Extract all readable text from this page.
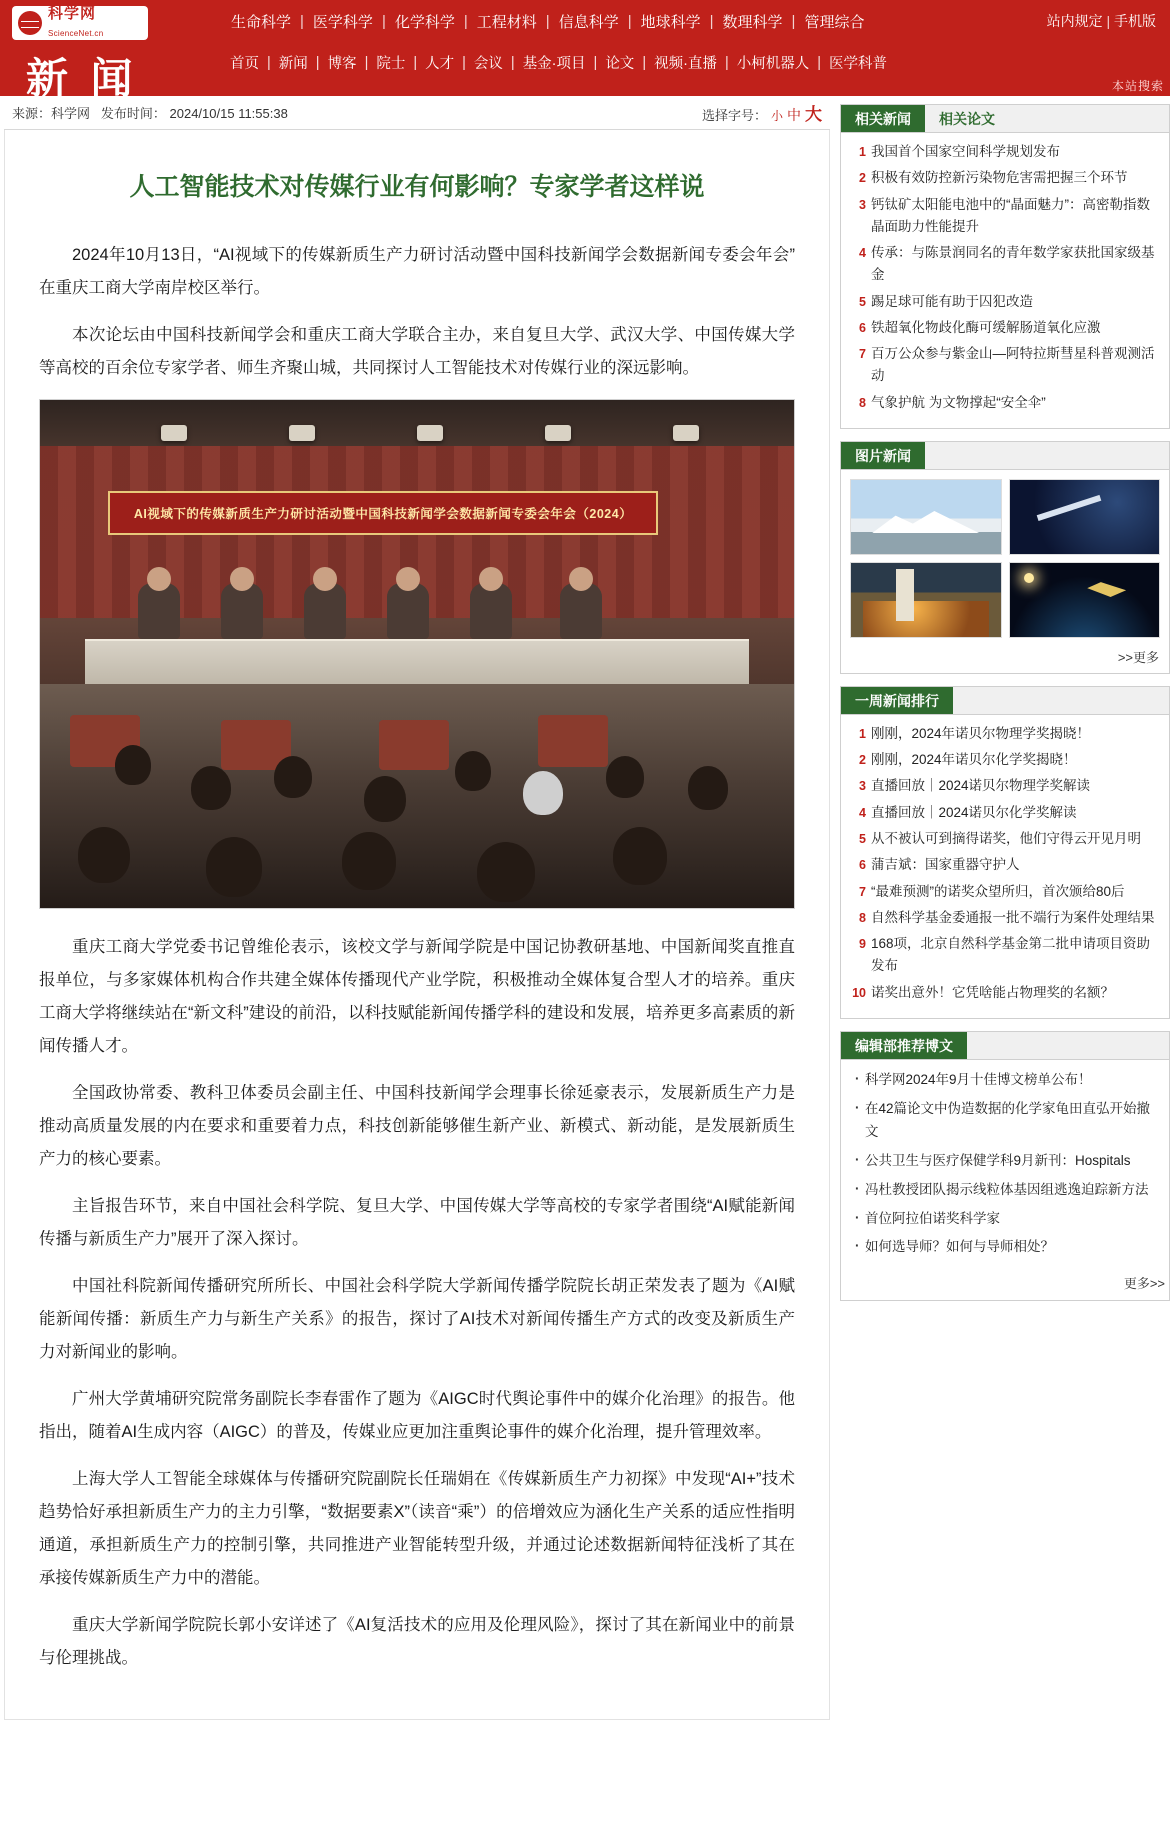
科学网
ScienceNet.cn
新 闻
生命科学 | 医学科学 | 化学科学 | 工程材料 | 信息科学 | 地球科学 | 数理科学 | 管理综合	站内规定 | 手机版
首页 | 新闻 | 博客 | 院士 | 人才 | 会议 | 基金·项目 | 论文 | 视频·直播 | 小柯机器人 | 医学科普
本站搜索
来源：科学网 发布时间： 2024/10/15 11:55:38	选择字号： 小 中 大
人工智能技术对传媒行业有何影响？专家学者这样说

2024年10月13日，“AI视域下的传媒新质生产力研讨活动暨中国科技新闻学会数据新闻专委会年会”在重庆工商大学南岸校区举行。

本次论坛由中国科技新闻学会和重庆工商大学联合主办，来自复旦大学、武汉大学、中国传媒大学等高校的百余位专家学者、师生齐聚山城，共同探讨人工智能技术对传媒行业的深远影响。

AI视域下的传媒新质生产力研讨活动暨中国科技新闻学会数据新闻专委会年会（2024）

重庆工商大学党委书记曾维伦表示，该校文学与新闻学院是中国记协教研基地、中国新闻奖直推直报单位，与多家媒体机构合作共建全媒体传播现代产业学院，积极推动全媒体复合型人才的培养。重庆工商大学将继续站在“新文科”建设的前沿，以科技赋能新闻传播学科的建设和发展，培养更多高素质的新闻传播人才。

全国政协常委、教科卫体委员会副主任、中国科技新闻学会理事长徐延豪表示，发展新质生产力是推动高质量发展的内在要求和重要着力点，科技创新能够催生新产业、新模式、新动能，是发展新质生产力的核心要素。

主旨报告环节，来自中国社会科学院、复旦大学、中国传媒大学等高校的专家学者围绕“AI赋能新闻传播与新质生产力”展开了深入探讨。

中国社科院新闻传播研究所所长、中国社会科学院大学新闻传播学院院长胡正荣发表了题为《AI赋能新闻传播：新质生产力与新生产关系》的报告，探讨了AI技术对新闻传播生产方式的改变及新质生产力对新闻业的影响。

广州大学黄埔研究院常务副院长李春雷作了题为《AIGC时代舆论事件中的媒介化治理》的报告。他指出，随着AI生成内容（AIGC）的普及，传媒业应更加注重舆论事件的媒介化治理，提升管理效率。

上海大学人工智能全球媒体与传播研究院副院长任瑞娟在《传媒新质生产力初探》中发现“AI+”技术趋势恰好承担新质生产力的主力引擎，“数据要素X”（读音“乘”）的倍增效应为涵化生产关系的适应性指明通道，承担新质生产力的控制引擎，共同推进产业智能转型升级，并通过论述数据新闻特征浅析了其在承接传媒新质生产力中的潜能。

重庆大学新闻学院院长郭小安详述了《AI复活技术的应用及伦理风险》，探讨了其在新闻业中的前景与伦理挑战。

相关新闻	相关论文
1 我国首个国家空间科学规划发布
2 积极有效防控新污染物危害需把握三个环节
3 钙钛矿太阳能电池中的“晶面魅力”：高密勒指数晶面助力性能提升
4 传承：与陈景润同名的青年数学家获批国家级基金
5 踢足球可能有助于囚犯改造
6 铁超氧化物歧化酶可缓解肠道氧化应激
7 百万公众参与紫金山—阿特拉斯彗星科普观测活动
8 气象护航 为文物撑起“安全伞”
图片新闻
>>更多
一周新闻排行
1 刚刚，2024年诺贝尔物理学奖揭晓！
2 刚刚，2024年诺贝尔化学奖揭晓！
3 直播回放｜2024诺贝尔物理学奖解读
4 直播回放｜2024诺贝尔化学奖解读
5 从不被认可到摘得诺奖，他们守得云开见月明
6 蒲吉斌：国家重器守护人
7 “最难预测”的诺奖众望所归，首次颁给80后
8 自然科学基金委通报一批不端行为案件处理结果
9 168项，北京自然科学基金第二批申请项目资助发布
10 诺奖出意外！它凭啥能占物理奖的名额？
编辑部推荐博文
· 科学网2024年9月十佳博文榜单公布！
· 在42篇论文中伪造数据的化学家龟田直弘开始撤文
· 公共卫生与医疗保健学科9月新刊：Hospitals
· 冯杜教授团队揭示线粒体基因组逃逸迫踪新方法
· 首位阿拉伯诺奖科学家
· 如何选导师？如何与导师相处？
更多>>
